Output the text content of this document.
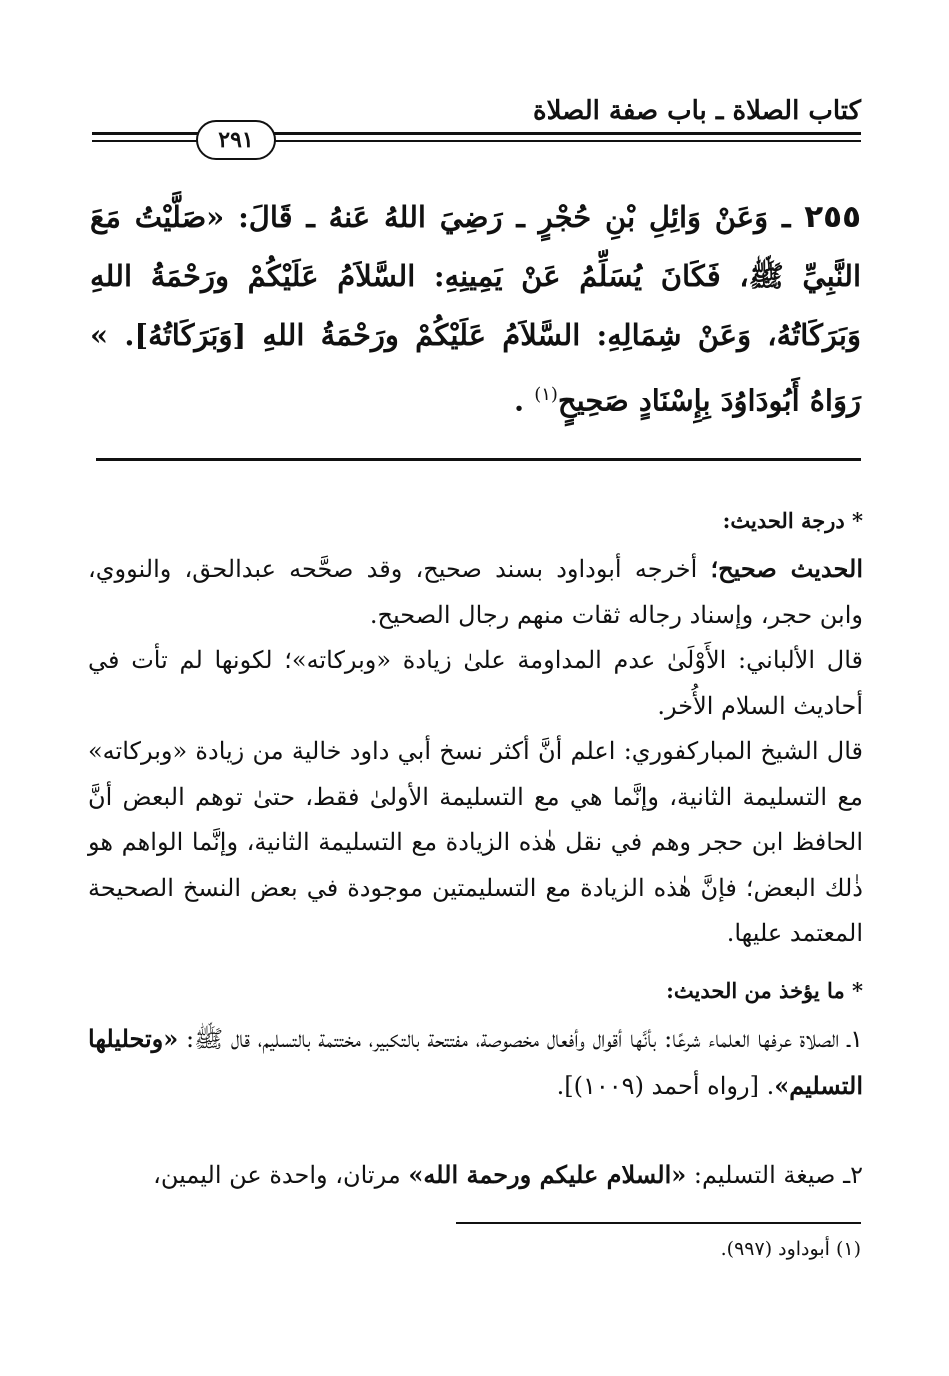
كتاب الصلاة ـ باب صفة الصلاة
٢٩١
٢٥٥ ـ وَعَنْ وَائِلِ بْنِ حُجْرٍ ـ رَضِيَ اللهُ عَنهُ ـ قَالَ: «صَلَّيْتُ مَعَ النَّبِيِّ ﷺ، فَكَانَ يُسَلِّمُ عَنْ يَمِينِهِ: السَّلاَمُ عَلَيْكُمْ ورَحْمَةُ اللهِ وَبَرَكَاتُهُ، وَعَنْ شِمَالِهِ: السَّلاَمُ عَلَيْكُمْ ورَحْمَةُ اللهِ [وَبَرَكَاتُهُ]. » رَوَاهُ أَبُودَاوُدَ بِإِسْنَادٍ صَحِيحٍ$^{(١)}$ .
* درجة الحديث:
الحديث صحيح؛ أخرجه أبوداود بسند صحيح، وقد صحَّحه عبدالحق، والنووي، وابن حجر، وإسناد رجاله ثقات منهم رجال الصحيح.
قال الألباني: الأَوْلَىٰ عدم المداومة علىٰ زيادة «وبركاته»؛ لكونها لم تأت في أحاديث السلام الأُخر.
قال الشيخ المباركفوري: اعلم أنَّ أكثر نسخ أبي داود خالية من زيادة «وبركاته» مع التسليمة الثانية، وإنَّما هي مع التسليمة الأولىٰ فقط، حتىٰ توهم البعض أنَّ الحافظ ابن حجر وهم في نقل هٰذه الزيادة مع التسليمة الثانية، وإنَّما الواهم هو ذٰلك البعض؛ فإنَّ هٰذه الزيادة مع التسليمتين موجودة في بعض النسخ الصحيحة المعتمد عليها.
* ما يؤخذ من الحديث:
١ـ الصلاة عرفها العلماء شرعًا: بأنَّها أقوال وأفعال مخصوصة، مفتتحة بالتكبير، مختتمة بالتسليم، قال ﷺ: «وتحليلها التسليم». [رواه أحمد (١٠٠٩)].
٢ـ صيغة التسليم: «السلام عليكم ورحمة الله» مرتان، واحدة عن اليمين،
(١) أبوداود (٩٩٧).
